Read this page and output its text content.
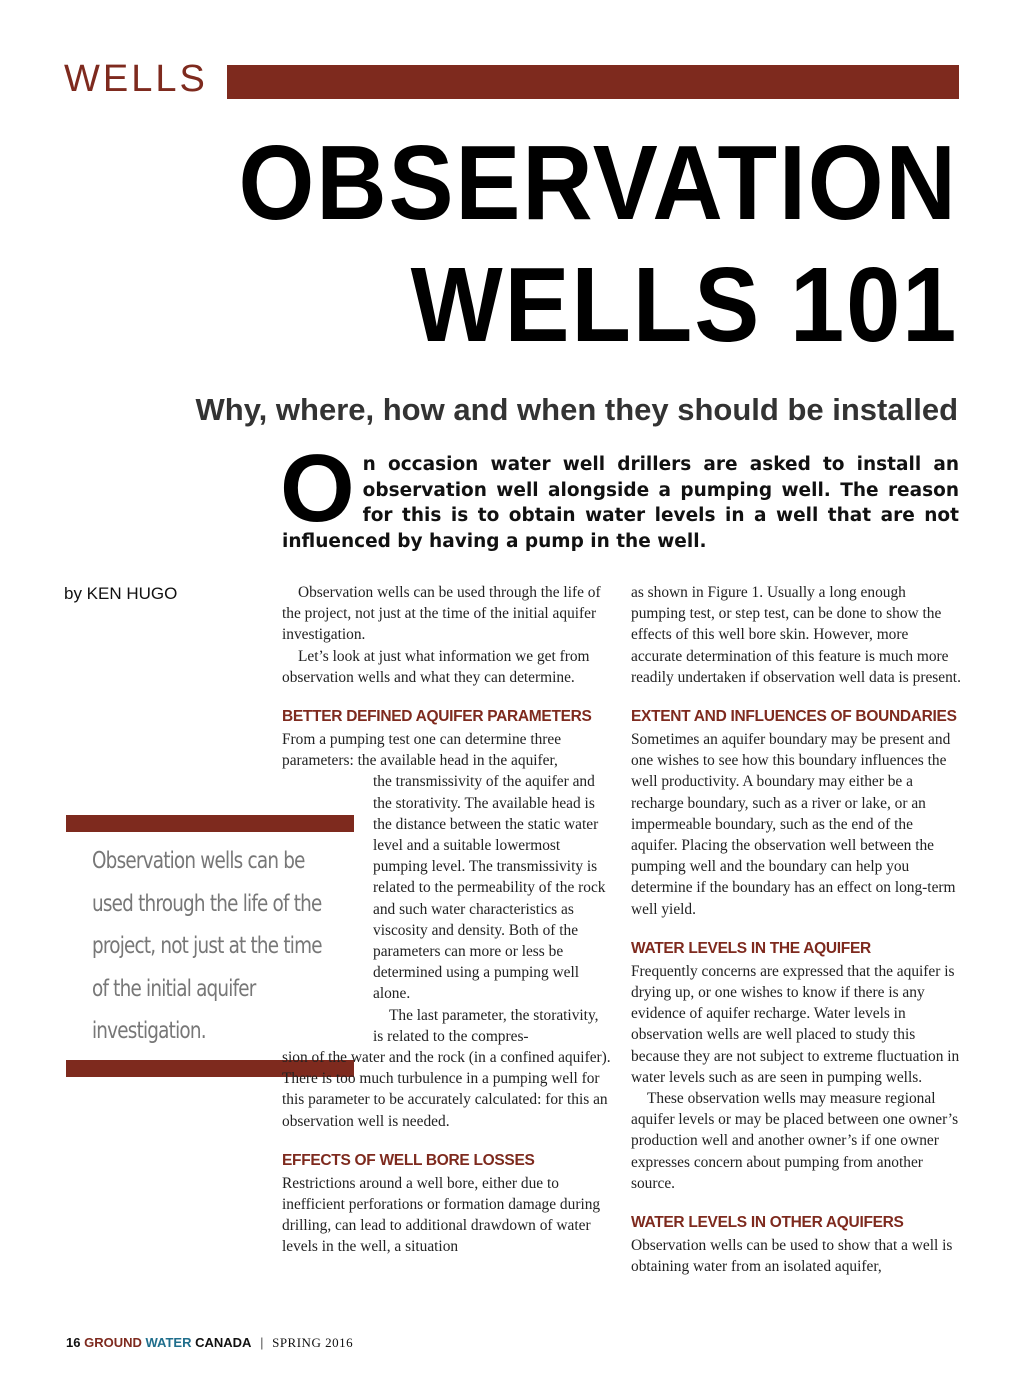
WELLS
OBSERVATION
WELLS 101
Why, where, how and when they should be installed
O n occasion water well drillers are asked to install an observation well alongside a pumping well. The reason for this is to obtain water levels in a well that are not influenced by having a pump in the well.
by KEN HUGO
Observation wells can be used through the life of the project, not just at the time of the initial aquifer investigation.

Observation wells can be used through the life of the project, not just at the time of the initial aquifer investigation.

Let’s look at just what information we get from observation wells and what they can determine.

BETTER DEFINED AQUIFER PARAMETERS

From a pumping test one can determine three parameters: the available head in the aquifer,

the transmissivity of the aquifer and the storativity. The available head is the distance between the static water level and a suitable lowermost pumping level. The transmissivity is related to the permeability of the rock and such water characteristics as viscosity and density. Both of the parameters can more or less be determined using a pumping well alone.

The last parameter, the storativity, is related to the compres-

sion of the water and the rock (in a confined aquifer). There is too much turbulence in a pumping well for this parameter to be accurately calculated: for this an observation well is needed.

EFFECTS OF WELL BORE LOSSES

Restrictions around a well bore, either due to inefficient perforations or formation damage during drilling, can lead to additional drawdown of water levels in the well, a situation

as shown in Figure 1. Usually a long enough pumping test, or step test, can be done to show the effects of this well bore skin. However, more accurate determination of this feature is much more readily undertaken if observation well data is present.

EXTENT AND INFLUENCES OF BOUNDARIES

Sometimes an aquifer boundary may be present and one wishes to see how this boundary influences the well productivity. A boundary may either be a recharge boundary, such as a river or lake, or an impermeable boundary, such as the end of the aquifer. Placing the observation well between the pumping well and the boundary can help you determine if the boundary has an effect on long-term well yield.

WATER LEVELS IN THE AQUIFER

Frequently concerns are expressed that the aquifer is drying up, or one wishes to know if there is any evidence of aquifer recharge. Water levels in observation wells are well placed to study this because they are not subject to extreme fluctuation in water levels such as are seen in pumping wells.

These observation wells may measure regional aquifer levels or may be placed between one owner’s production well and another owner’s if one owner expresses concern about pumping from another source.

WATER LEVELS IN OTHER AQUIFERS

Observation wells can be used to show that a well is obtaining water from an isolated aquifer,

16 GROUND WATER CANADA | SPRING 2016
